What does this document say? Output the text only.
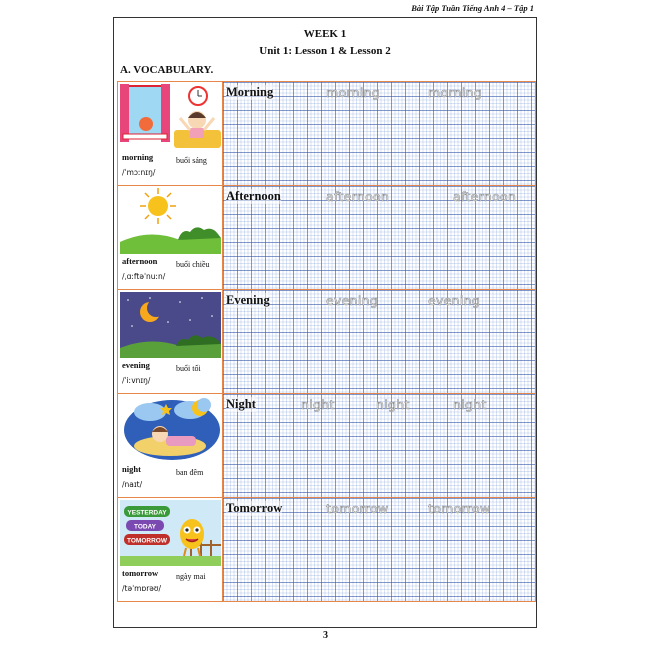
Bài Tập Tuần Tiếng Anh 4 – Tập 1
WEEK 1
Unit 1: Lesson 1 & Lesson 2
A. VOCABULARY.
morning	buổi sáng
/ˈmɔːnɪŋ/
Morning	morning	morning
afternoon buổi chiều
/ˌɑːftəˈnuːn/
Afternoon	afternoon	afternoon
evening	buổi tối
/ˈiːvnɪŋ/
Evening	evening	evening
night	ban đêm
/naɪt/
Night	night	night	night
YESTERDAY
TODAY
TOMORROW
tomorrow ngày mai
/təˈmɒrəʊ/
Tomorrow	tomorrow	tomorrow
3
